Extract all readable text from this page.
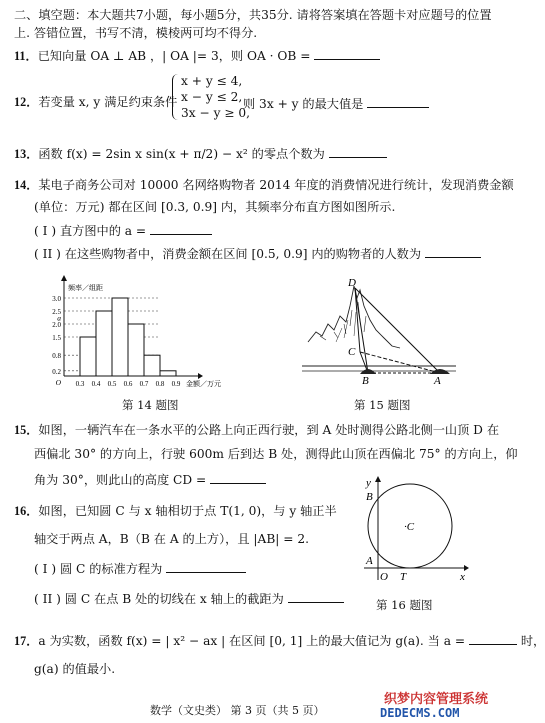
二、填空题：本大题共7小题，每小题5分，共35分. 请将答案填在答题卡对应题号的位置上. 答错位置，书写不清，模棱两可均不得分.
11．已知向量 OA ⊥ AB ，| OA |= 3，则 OA · OB =
12．若变量 x, y 满足约束条件
x + y ≤ 4,
x − y ≤ 2,
3x − y ≥ 0,
则 3x + y 的最大值是
13．函数 f(x) = 2sin x sin(x + π/2) − x² 的零点个数为
14．某电子商务公司对 10000 名网络购物者 2014 年度的消费情况进行统计，发现消费金额
(单位：万元) 都在区间 [0.3, 0.9] 内，其频率分布直方图如图所示.
( I ) 直方图中的 a =
( II ) 在这些购物者中，消费金额在区间 [0.5, 0.9] 内的购物者的人数为
0.2
0.8
1.5
2.0
2.5
3.0
a
0.3 0.4 0.5 0.6 0.7 0.8 0.9
O
频率／组距
金额／万元
第 14 题图
D
C
B	A
第 15 题图
15．如图，一辆汽车在一条水平的公路上向正西行驶，到 A 处时测得公路北侧一山顶 D 在
西偏北 30° 的方向上，行驶 600m 后到达 B 处，测得此山顶在西偏北 75° 的方向上，仰
角为 30°，则此山的高度 CD =
16．如图，已知圆 C 与 x 轴相切于点 T(1, 0)，与 y 轴正半
轴交于两点 A，B（B 在 A 的上方），且 |AB| = 2.
( I ) 圆 C 的标准方程为
( II ) 圆 C 在点 B 处的切线在 x 轴上的截距为
y
B
·C
A
O T	x
第 16 题图
17．a 为实数，函数 f(x) = | x² − ax | 在区间 [0, 1] 上的最大值记为 g(a). 当 a =	时，
g(a) 的值最小.
数学（文史类） 第 3 页（共 5 页）
织梦内容管理系统
DEDECMS.COM
